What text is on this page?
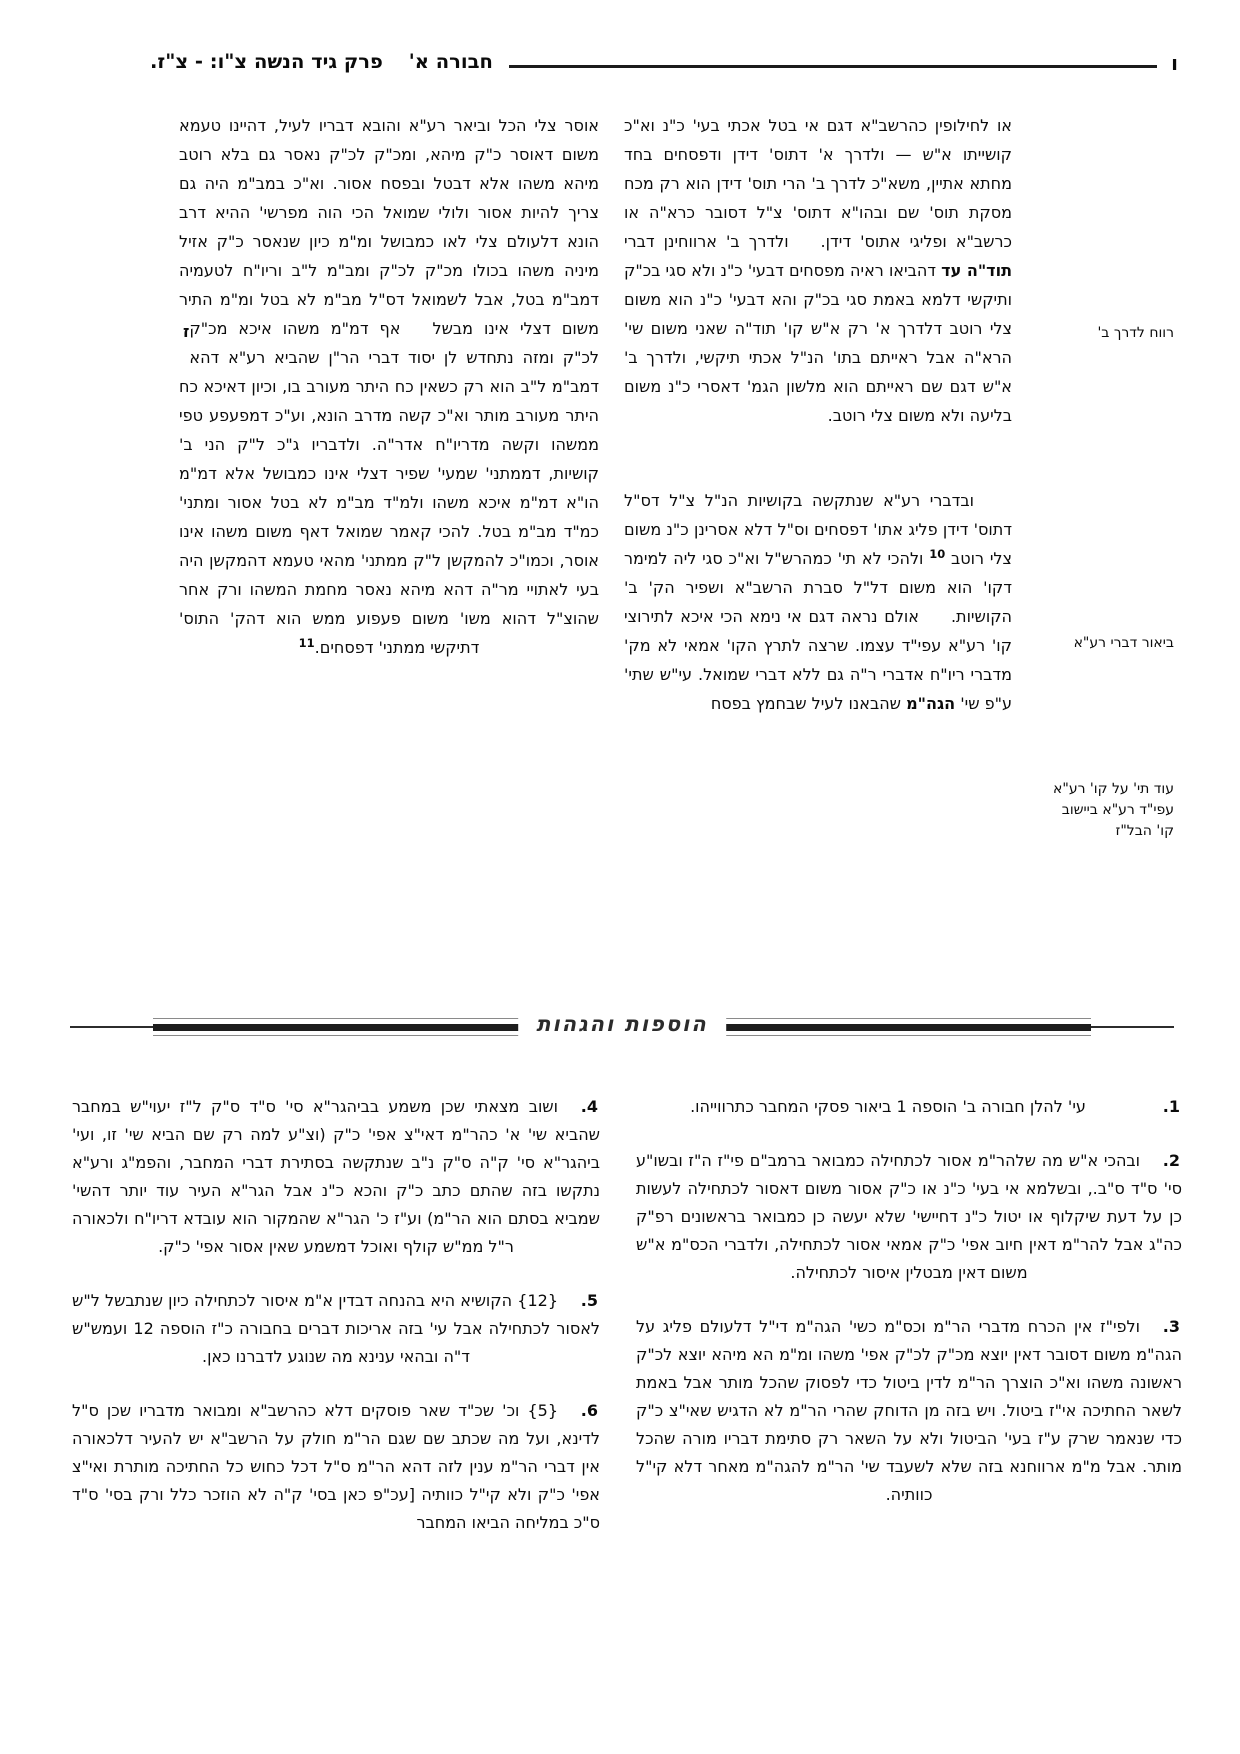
ו
חבורה א'
פרק גיד הנשה צ"ו: - צ"ז.
רווח לדרך ב'
ביאור דברי רע"א
עוד תי' על קו' רע"א עפי"ד רע"א ביישוב קו' הבל"ז

או לחילופין כהרשב"א דגם אי בטל אכתי בעי' כ"נ וא"כ קושייתו א"ש — ולדרך א' דתוס' דידן ודפסחים בחד מחתא אתיין, משא"כ לדרך ב' הרי תוס' דידן הוא רק מכח מסקת תוס' שם ובהו"א דתוס' צ"ל דסובר כרא"ה או כרשב"א ופליגי אתוס' דידן.  ולדרך ב' ארווחינן דברי תוד"ה עד דהביאו ראיה מפסחים דבעי' כ"נ ולא סגי בכ"ק ותיקשי דלמא באמת סגי בכ"ק והא דבעי' כ"נ הוא משום צלי רוטב דלדרך א' רק א"ש קו' תוד"ה שאני משום שי' הרא"ה אבל ראייתם בתו' הנ"ל אכתי תיקשי, ולדרך ב' א"ש דגם שם ראייתם הוא מלשון הגמ' דאסרי כ"נ משום בליעה ולא משום צלי רוטב.

ובדברי רע"א שנתקשה בקושיות הנ"ל צ"ל דס"ל דתוס' דידן פליג אתו' דפסחים וס"ל דלא אסרינן כ"נ משום צלי רוטב $^{10}$ ולהכי לא תי' כמהרש"ל וא"כ סגי ליה למימר דקו' הוא משום דל"ל סברת הרשב"א ושפיר הק' ב' הקושיות.  אולם נראה דגם אי נימא הכי איכא לתירוצי קו' רע"א עפי"ד עצמו. שרצה לתרץ הקו' אמאי לא מק' מדברי ריו"ח אדברי ר"ה גם ללא דברי שמואל. עי"ש שתי' ע"פ שי' הגה"מ שהבאנו לעיל שבחמץ בפסח

אוסר צלי הכל וביאר רע"א והובא דבריו לעיל, דהיינו טעמא משום דאוסר כ"ק מיהא, ומכ"ק לכ"ק נאסר גם בלא רוטב מיהא משהו אלא דבטל ובפסח אסור. וא"כ במב"מ היה גם צריך להיות אסור ולולי שמואל הכי הוה מפרשי' ההיא דרב הונא דלעולם צלי לאו כמבושל ומ"מ כיון שנאסר כ"ק אזיל מיניה משהו בכולו מכ"ק לכ"ק ומב"מ ל"ב וריו"ח לטעמיה דמב"מ בטל, אבל לשמואל דס"ל מב"מ לא בטל ומ"מ התיר משום דצלי אינו מבשל  
ז אף דמ"מ משהו איכא מכ"ק לכ"ק ומזה נתחדש לן יסוד דברי הר"ן שהביא רע"א דהא דמב"מ ל"ב הוא רק כשאין כח היתר מעורב בו, וכיון דאיכא כח היתר מעורב מותר וא"כ קשה מדרב הונא, וע"כ דמפעפע טפי ממשהו וקשה מדריו"ח אדר"ה. ולדבריו ג"כ ל"ק הני ב' קושיות, דממתני' שמעי' שפיר דצלי אינו כמבושל אלא דמ"מ הו"א דמ"מ איכא משהו ולמ"ד מב"מ לא בטל אסור ומתני' כמ"ד מב"מ בטל. להכי קאמר שמואל דאף משום משהו אינו אוסר, וכמו"כ להמקשן ל"ק ממתני' מהאי טעמא דהמקשן היה בעי לאתויי מר"ה דהא מיהא נאסר מחמת המשהו ורק אחר שהוצ"ל דהוא משו' משום פעפוע ממש הוא דהק' התוס' דתיקשי ממתני' דפסחים.$^{11}$

הוספות והגהות
1.
עי' להלן חבורה ב' הוספה 1 ביאור פסקי המחבר כתרווייהו.
2.
ובהכי א"ש מה שלהר"מ אסור לכתחילה כמבואר ברמב"ם פי"ז ה"ז ובשו"ע סי' ס"ד ס"ב., ובשלמא אי בעי' כ"נ או כ"ק אסור משום דאסור לכתחילה לעשות כן על דעת שיקלוף או יטול כ"נ דחיישי' שלא יעשה כן כמבואר בראשונים רפ"ק כה"ג אבל להר"מ דאין חיוב אפי' כ"ק אמאי אסור לכתחילה, ולדברי הכס"מ א"ש משום דאין מבטלין איסור לכתחילה.
3.
ולפי"ז אין הכרח מדברי הר"מ וכס"מ כשי' הגה"מ די"ל דלעולם פליג על הגה"מ משום דסובר דאין יוצא מכ"ק לכ"ק אפי' משהו ומ"מ הא מיהא יוצא לכ"ק ראשונה משהו וא"כ הוצרך הר"מ לדין ביטול כדי לפסוק שהכל מותר אבל באמת לשאר החתיכה אי"ז ביטול. ויש בזה מן הדוחק שהרי הר"מ לא הדגיש שאי"צ כ"ק כדי שנאמר שרק ע"ז בעי' הביטול ולא על השאר רק סתימת דבריו מורה שהכל מותר. אבל מ"מ ארווחנא בזה שלא לשעבד שי' הר"מ להגה"מ מאחר דלא קי"ל כוותיה.
4.
ושוב מצאתי שכן משמע בביהגר"א סי' ס"ד ס"ק ל"ז יעוי"ש במחבר שהביא שי' א' כהר"מ דאי"צ אפי' כ"ק (וצ"ע למה רק שם הביא שי' זו, ועי' ביהגר"א סי' ק"ה ס"ק נ"ב שנתקשה בסתירת דברי המחבר, והפמ"ג ורע"א נתקשו בזה שהתם כתב כ"ק והכא כ"נ אבל הגר"א העיר עוד יותר דהשי' שמביא בסתם הוא הר"מ) וע"ז כ' הגר"א שהמקור הוא עובדא דריו"ח ולכאורה ר"ל ממ"ש קולף ואוכל דמשמע שאין אסור אפי' כ"ק.
5.
{12} הקושיא היא בהנחה דבדין א"מ איסור לכתחילה כיון שנתבשל ל"ש לאסור לכתחילה אבל עי' בזה אריכות דברים בחבורה כ"ז הוספה 12 ועמש"ש ד"ה ובהאי ענינא מה שנוגע לדברנו כאן.
6.
{5} וכ' שכ"ד שאר פוסקים דלא כהרשב"א ומבואר מדבריו שכן ס"ל לדינא, ועל מה שכתב שם שגם הר"מ חולק על הרשב"א יש להעיר דלכאורה אין דברי הר"מ ענין לזה דהא הר"מ ס"ל דכל כחוש כל החתיכה מותרת ואי"צ אפי' כ"ק ולא קי"ל כוותיה [עכ"פ כאן בסי' ק"ה לא הוזכר כלל ורק בסי' ס"ד ס"כ במליחה הביאו המחבר
